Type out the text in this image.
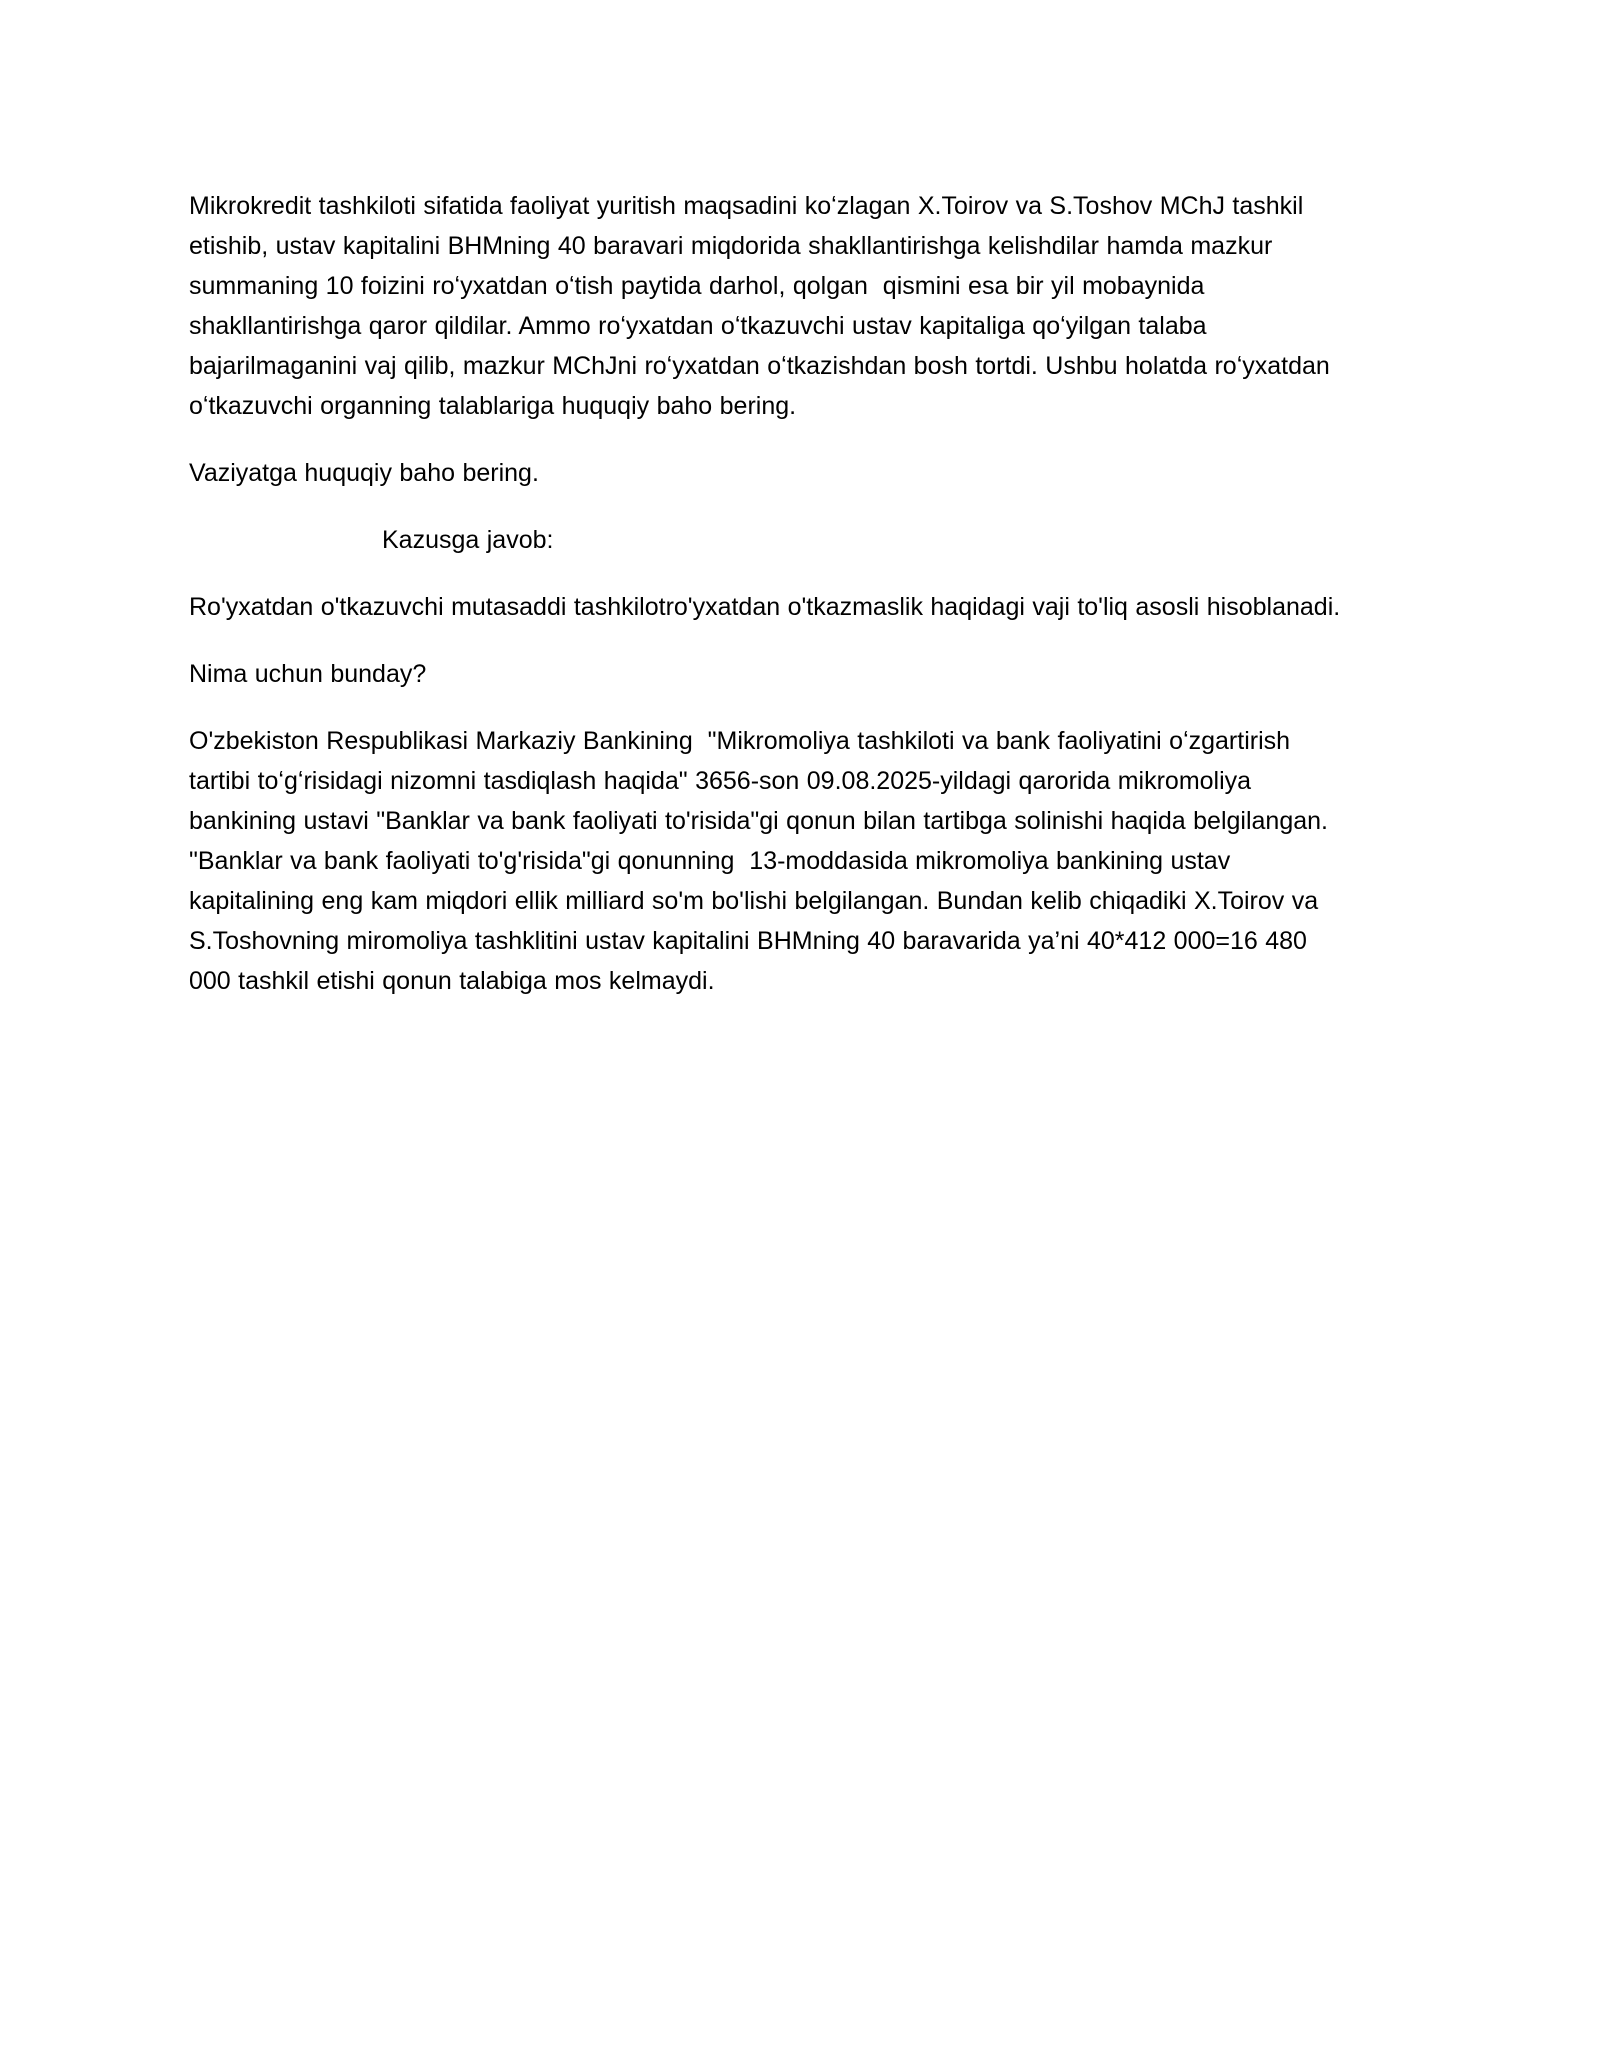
Mikrokredit tashkiloti sifatida faoliyat yuritish maqsadini koʻzlagan X.Toirov va S.Toshov MChJ tashkil
etishib, ustav kapitalini BHMning 40 baravari miqdorida shakllantirishga kelishdilar hamda mazkur
summaning 10 foizini roʻyxatdan oʻtish paytida darhol, qolgan  qismini esa bir yil mobaynida
shakllantirishga qaror qildilar. Ammo roʻyxatdan oʻtkazuvchi ustav kapitaliga qoʻyilgan talaba
bajarilmaganini vaj qilib, mazkur MChJni roʻyxatdan oʻtkazishdan bosh tortdi. Ushbu holatda roʻyxatdan
oʻtkazuvchi organning talablariga huquqiy baho bering.

Vaziyatga huquqiy baho bering.

Kazusga javob:

Ro'yxatdan o'tkazuvchi mutasaddi tashkilotro'yxatdan o'tkazmaslik haqidagi vaji to'liq asosli hisoblanadi.

Nima uchun bunday?

O'zbekiston Respublikasi Markaziy Bankining  "Mikromoliya tashkiloti va bank faoliyatini oʻzgartirish
tartibi toʻgʻrisidagi nizomni tasdiqlash haqida" 3656-son 09.08.2025-yildagi qarorida mikromoliya
bankining ustavi "Banklar va bank faoliyati to'risida"gi qonun bilan tartibga solinishi haqida belgilangan.
"Banklar va bank faoliyati to'g'risida"gi qonunning  13-moddasida mikromoliya bankining ustav
kapitalining eng kam miqdori ellik milliard so'm bo'lishi belgilangan. Bundan kelib chiqadiki X.Toirov va
S.Toshovning miromoliya tashklitini ustav kapitalini BHMning 40 baravarida ya’ni 40*412 000=16 480
000 tashkil etishi qonun talabiga mos kelmaydi.
